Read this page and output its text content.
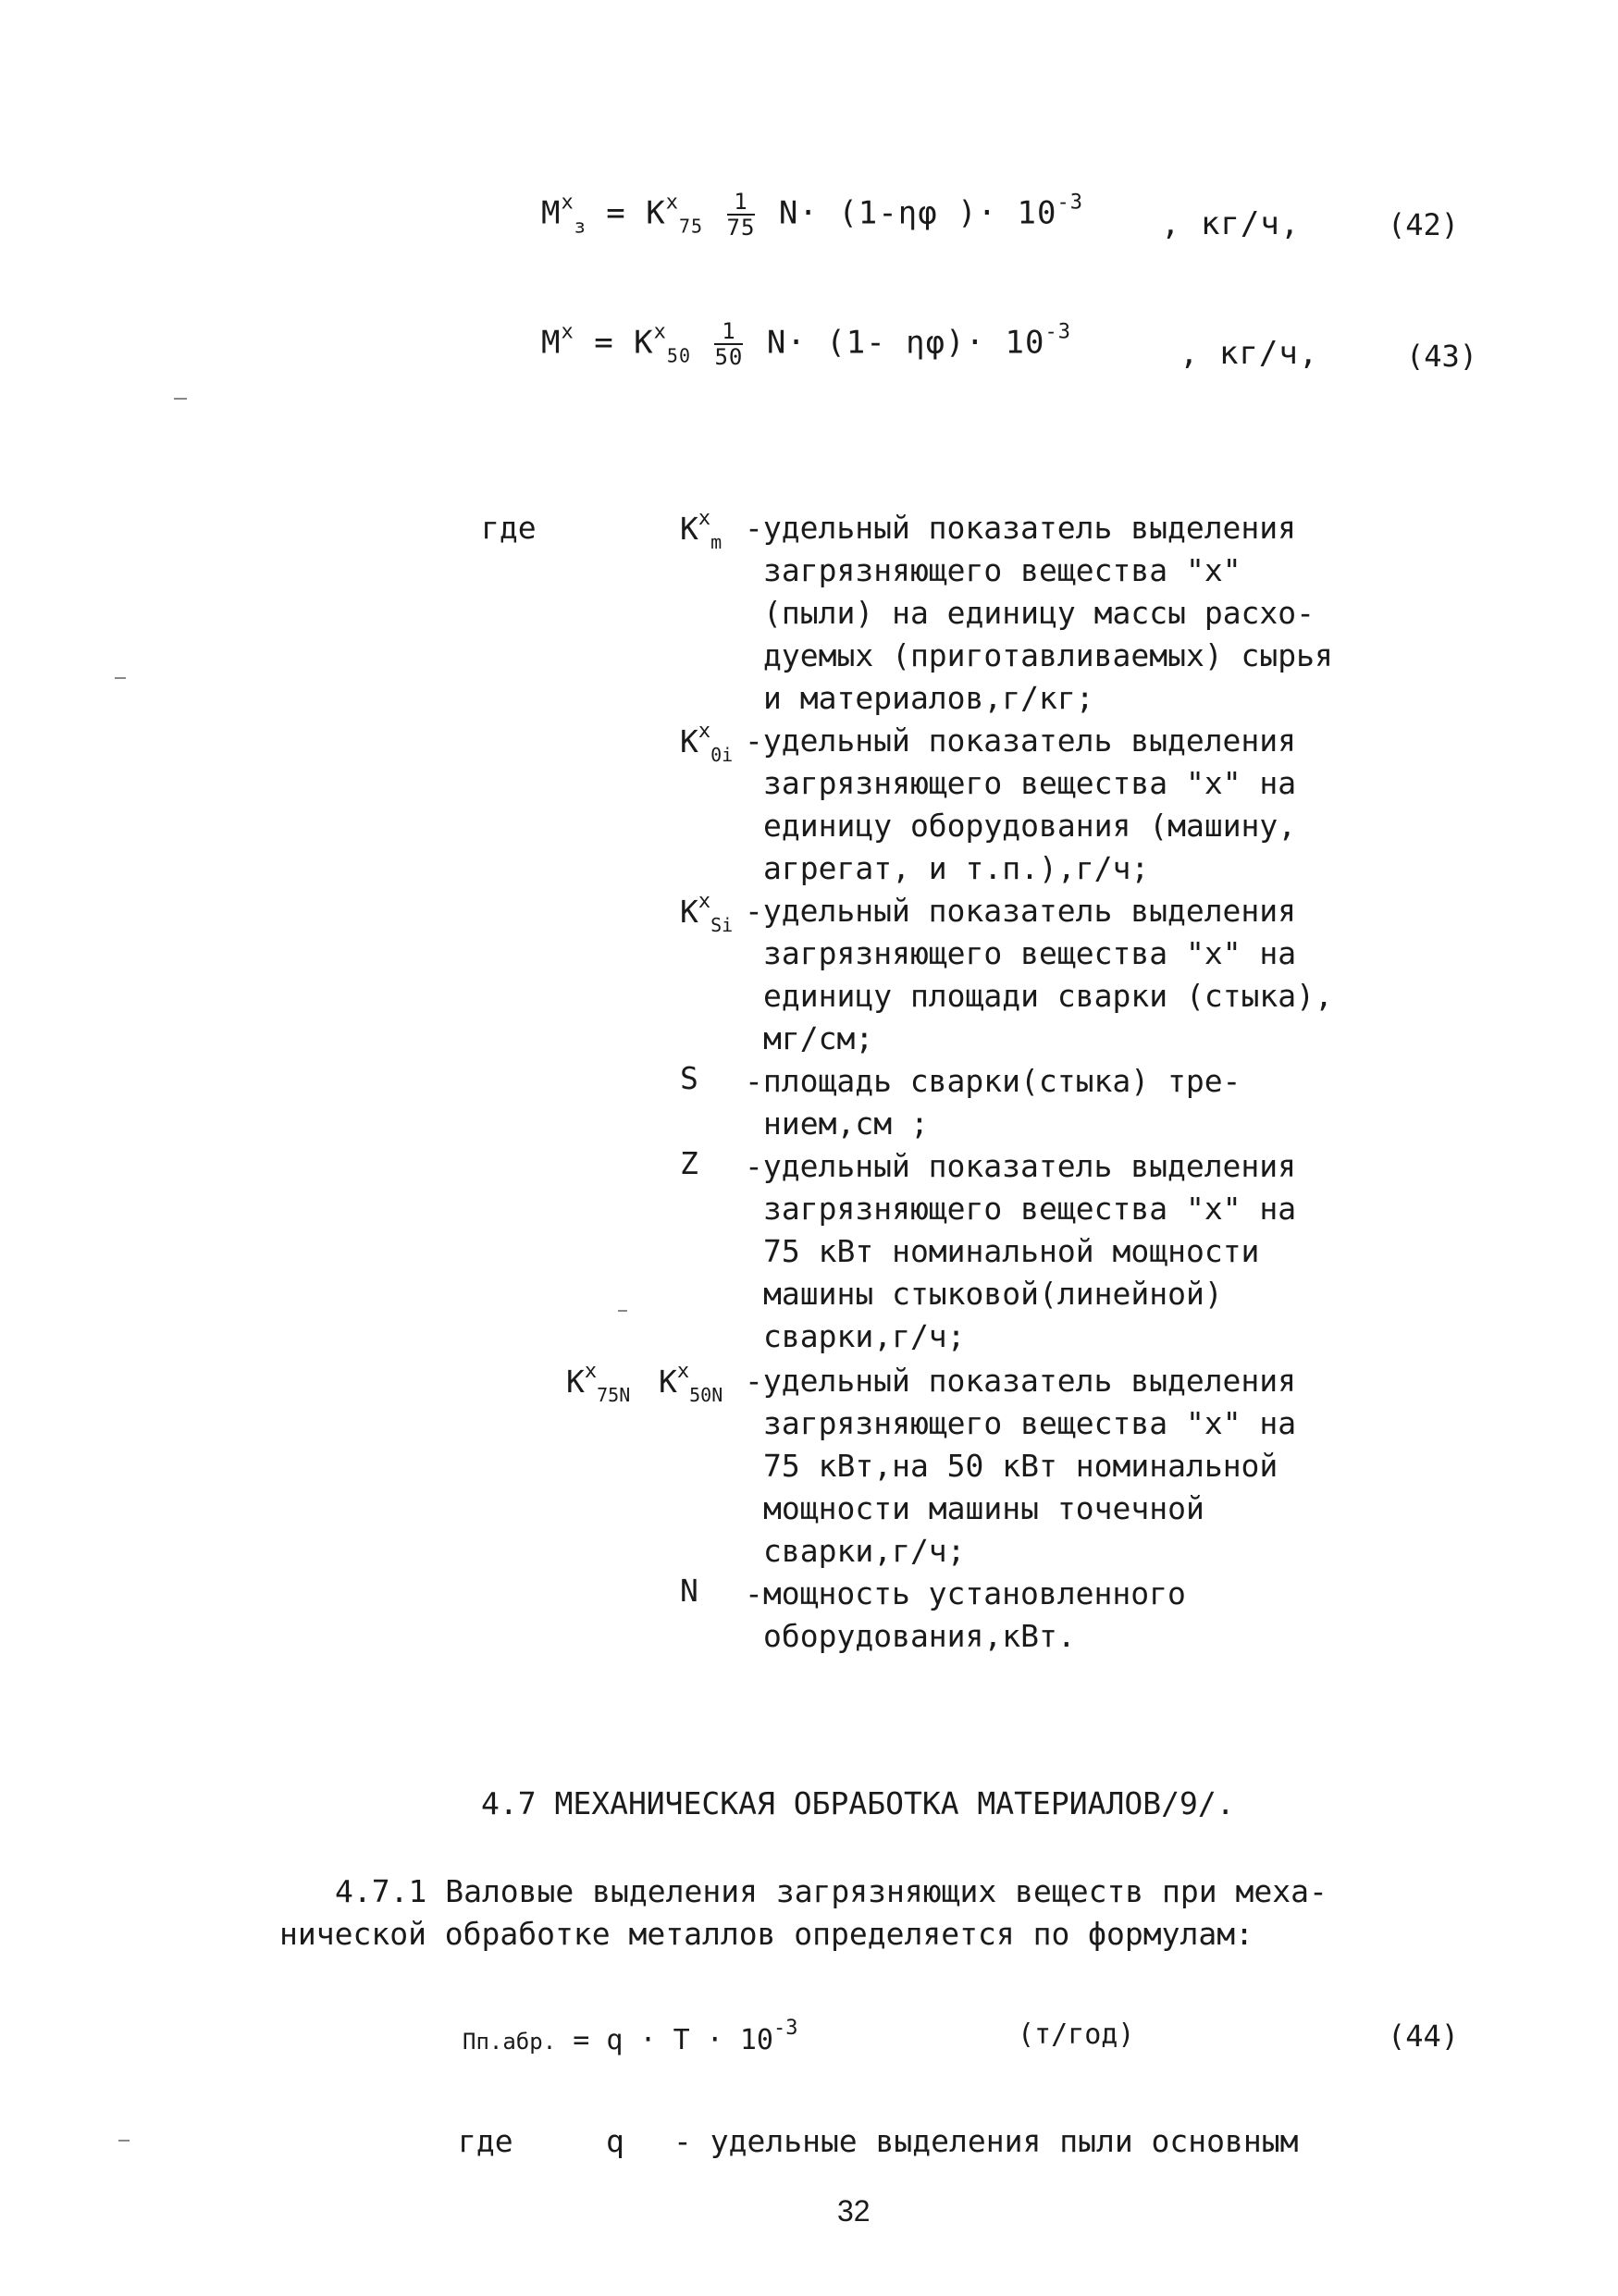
$M^x_з = K^x_{75} \frac{1}{75} N\cdot (1-\eta\varphi$ )· $10^{-3}$
, кг/ч,	(42)
$M^x = K^x_{50} \frac{1}{50} N\cdot (1-$ $\eta\varphi)\cdot 10^{-3}$
, кг/ч,	(43)
где	$K^x_m$ -удельный показатель выделения
загрязняющего вещества "x"
(пыли) на единицу массы расхо-
дуемых (приготавливаемых) сырья
и материалов,г/кг;
$K^x_{0i}$ -удельный показатель выделения
загрязняющего вещества "x" на
единицу оборудования (машину,
агрегат, и т.п.),г/ч;
$K^x_{Si}$ -удельный показатель выделения
загрязняющего вещества "x" на
единицу площади сварки (стыка),
мг/см;
S -площадь сварки(стыка) тре-
нием,см ;
Z -удельный показатель выделения
загрязняющего вещества "x" на
75 кВт номинальной мощности
машины стыковой(линейной)
сварки,г/ч;
$K^x_{75N}$ $K^x_{50N}$ -удельный показатель выделения
загрязняющего вещества "x" на
75 кВт,на 50 кВт номинальной
мощности машины точечной
сварки,г/ч;
N -мощность установленного
оборудования,кВт.
4.7 МЕХАНИЧЕСКАЯ ОБРАБОТКА МАТЕРИАЛОВ/9/.
4.7.1 Валовые выделения загрязняющих веществ при меха-
нической обработке металлов определяется по формулам:
Пп.абр. = $q \cdot T \cdot 10^{-3}$	(т/год)	(44)
где	q - удельные выделения пыли основным
32
